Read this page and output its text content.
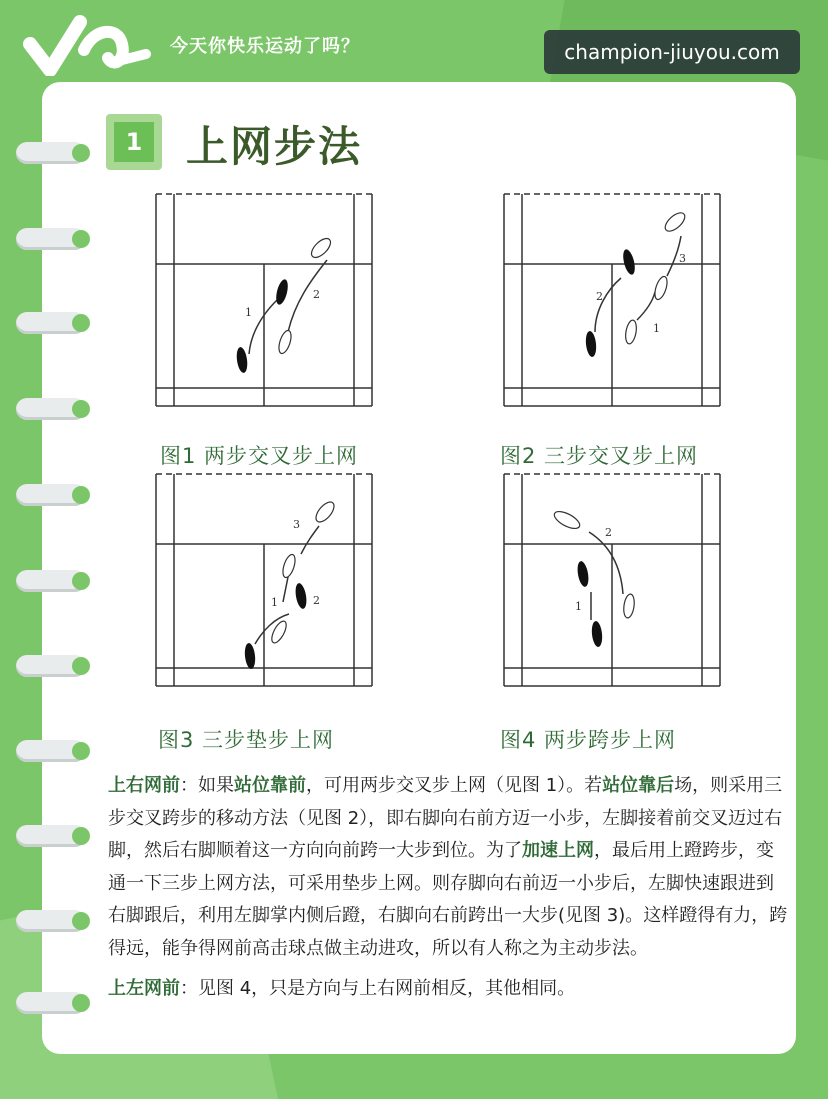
今天你快乐运动了吗？	champion-jiuyou.com
1 上网步法
1
2
图1 两步交叉步上网
1
2
3
图2 三步交叉步上网
1	2
3
图3 三步垫步上网
1
2
图4 两步跨步上网

上右网前：如果站位靠前，可用两步交叉步上网（见图 1）。若站位靠后场，则采用三步交叉跨步的移动方法（见图 2），即右脚向右前方迈一小步，左脚接着前交叉迈过右脚，然后右脚顺着这一方向向前跨一大步到位。为了加速上网，最后用上蹬跨步，变通一下三步上网方法，可采用垫步上网。则存脚向右前迈一小步后，左脚快速跟进到右脚跟后，利用左脚掌内侧后蹬，右脚向右前跨出一大步(见图 3)。这样蹬得有力，跨得远，能争得网前高击球点做主动进攻，所以有人称之为主动步法。

上左网前：见图 4，只是方向与上右网前相反，其他相同。
